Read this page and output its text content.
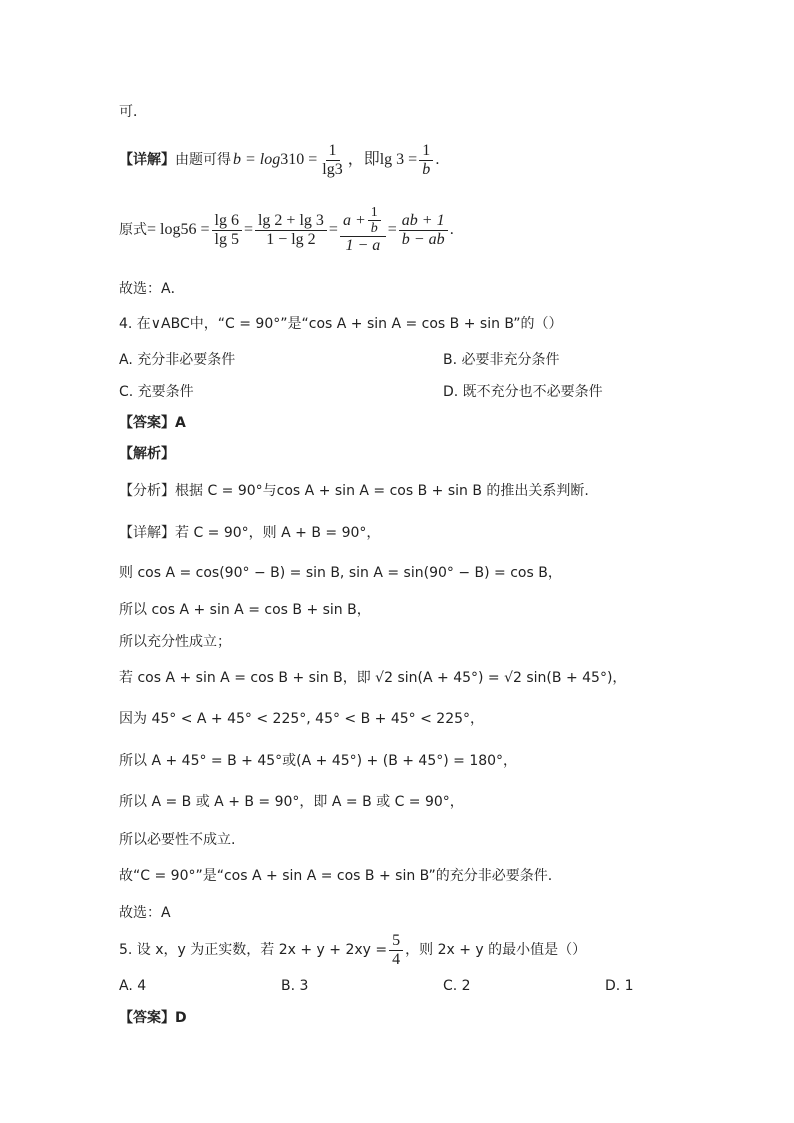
可．
【详解】 由题可得 b = log 3 $10 = \frac{1}{\lg 3}$ ，即$\lg 3 = \frac{1}{b}$ ．
原式 = log 5 $6 = \frac{\lg 6}{\lg 5} = \frac{\lg 2 + \lg 3}{1 - \lg 2} = \frac{a + \frac{1}{b}}{1 - a} = \frac{ab + 1}{b - ab}$ ．
故选：A．
4. 在∨ABC中，“C = 90°”是“cos A + sin A = cos B + sin B”的（）
A. 充分非必要条件	B. 必要非充分条件
C. 充要条件	D. 既不充分也不必要条件
【答案】A
【解析】
【分析】根据 C = 90°与cos A + sin A = cos B + sin B 的推出关系判断.
【详解】若 C = 90°，则 A + B = 90°，
则 cos A = cos(90° − B) = sin B, sin A = sin(90° − B) = cos B，
所以 cos A + sin A = cos B + sin B，
所以充分性成立；
若 cos A + sin A = cos B + sin B，即 √2 sin(A + 45°) = √2 sin(B + 45°)，
因为 45° < A + 45° < 225°, 45° < B + 45° < 225°，
所以 A + 45° = B + 45°或(A + 45°) + (B + 45°) = 180°，
所以 A = B 或 A + B = 90°，即 A = B 或 C = 90°，
所以必要性不成立.
故“C = 90°”是“cos A + sin A = cos B + sin B”的充分非必要条件.
故选：A
5. 设 x，y 为正实数，若 $2x + y + 2xy = \frac{5}{4}$ ，则 2x + y 的最小值是（）
A. 4	B. 3	C. 2	D. 1
【答案】D
